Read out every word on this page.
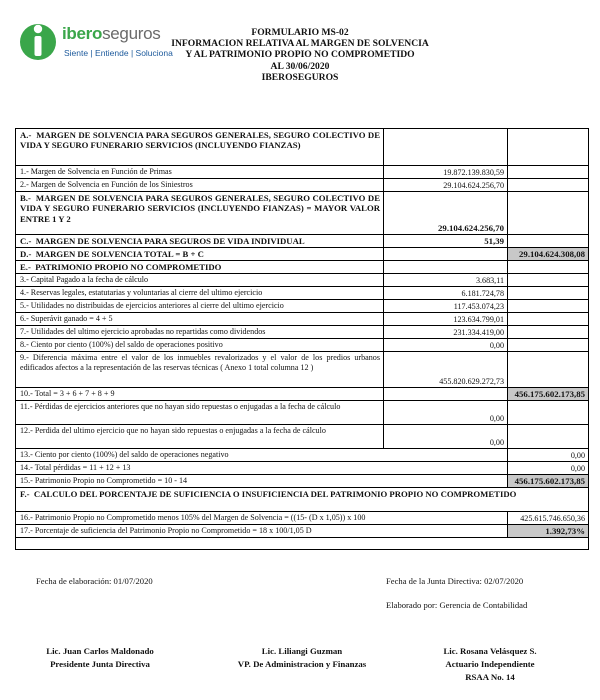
iberoseguros
Siente | Entiende | Soluciona
FORMULARIO MS-02
INFORMACION RELATIVA AL MARGEN DE SOLVENCIA
Y AL PATRIMONIO PROPIO NO COMPROMETIDO
AL 30/06/2020
IBEROSEGUROS
A.- MARGEN DE SOLVENCIA PARA SEGUROS GENERALES, SEGURO COLECTIVO DE VIDA Y SEGURO FUNERARIO SERVICIOS (INCLUYENDO FIANZAS)
1.- Margen de Solvencia en Función de Primas	19.872.139.830,59
2.- Margen de Solvencia en Función de los Siniestros	29.104.624.256,70
B.- MARGEN DE SOLVENCIA PARA SEGUROS GENERALES, SEGURO COLECTIVO DE VIDA Y SEGURO FUNERARIO SERVICIOS (INCLUYENDO FIANZAS) = MAYOR VALOR ENTRE 1 Y 2
29.104.624.256,70
C.- MARGEN DE SOLVENCIA PARA SEGUROS DE VIDA INDIVIDUAL	51,39
D.- MARGEN DE SOLVENCIA TOTAL = B + C	29.104.624.308,08
E.- PATRIMONIO PROPIO NO COMPROMETIDO
3.- Capital Pagado a la fecha de cálculo	3.683,11
4.- Reservas legales, estatutarias y voluntarias al cierre del ultimo ejercicio	6.181.724,78
5.- Utilidades no distribuidas de ejercicios anteriores al cierre del ultimo ejercicio	117.453.074,23
6.- Superávit ganado = 4 + 5	123.634.799,01
7.- Utilidades del ultimo ejercicio aprobadas no repartidas como dividendos	231.334.419,00
8.- Ciento por ciento (100%) del saldo de operaciones positivo	0,00
9.- Diferencia máxima entre el valor de los inmuebles revalorizados y el valor de los predios urbanos edificados afectos a la representación de las reservas técnicas ( Anexo 1 total columna 12 )
455.820.629.272,73
10.- Total = 3 + 6 + 7 + 8 + 9	456.175.602.173,85
11.- Pérdidas de ejercicios anteriores que no hayan sido repuestas o enjugadas a la fecha de cálculo
0,00
12.- Perdida del ultimo ejercicio que no hayan sido repuestas o enjugadas a la fecha de cálculo
0,00
13.- Ciento por ciento (100%) del saldo de operaciones negativo	0,00
14.- Total pérdidas = 11 + 12 + 13	0,00
15.- Patrimonio Propio no Comprometido = 10 - 14	456.175.602.173,85
F.- CALCULO DEL PORCENTAJE DE SUFICIENCIA O INSUFICIENCIA DEL PATRIMONIO PROPIO NO COMPROMETIDO
16.- Patrimonio Propio no Comprometido menos 105% del Margen de Solvencia = ((15- (D x 1,05)) x 100	425.615.746.650,36
17.- Porcentaje de suficiencia del Patrimonio Propio no Comprometido = 18 x 100/1,05 D	1.392,73%
Fecha de elaboración: 01/07/2020	Fecha de la Junta Directiva: 02/07/2020
Elaborado por: Gerencia de Contabilidad
Lic. Juan Carlos Maldonado
Presidente Junta Directiva
Lic. Liliangi Guzman
VP. De Administracion y Finanzas
Lic. Rosana Velásquez S.
Actuario Independiente
RSAA No. 14
